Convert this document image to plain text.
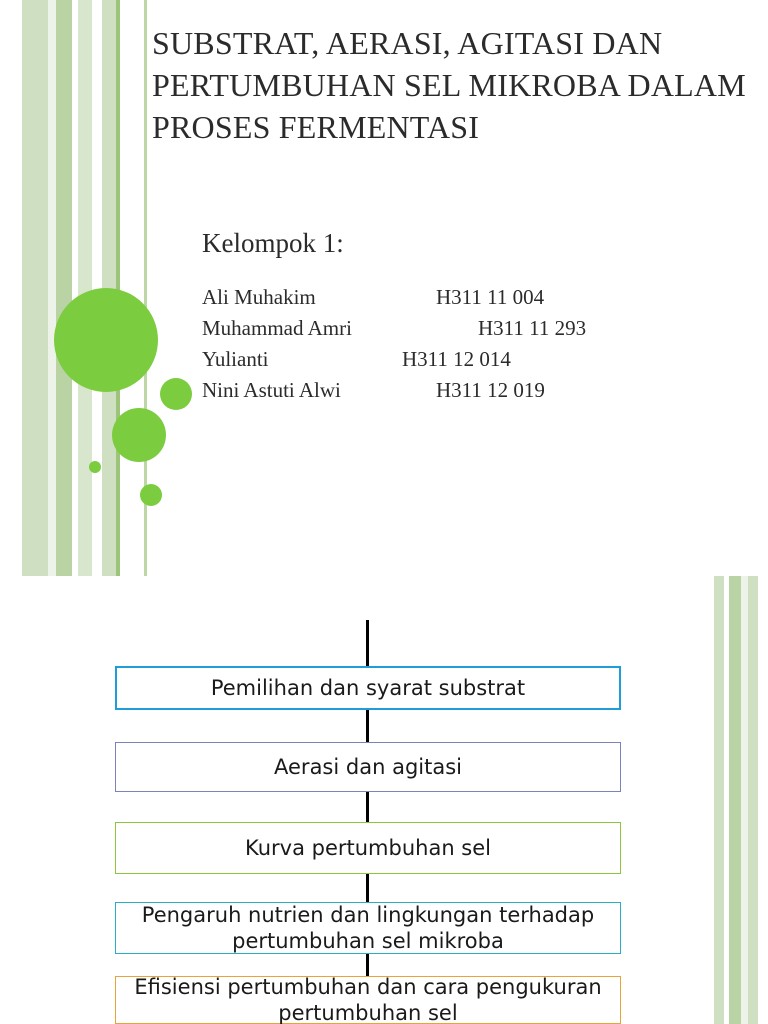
SUBSTRAT, AERASI, AGITASI DAN PERTUMBUHAN SEL MIKROBA DALAM PROSES FERMENTASI
Kelompok 1:
Ali Muhakim	H311 11 004
Muhammad Amri	H311 11 293
Yulianti	H311 12 014
Nini Astuti Alwi	H311 12 019
Pemilihan dan syarat substrat
Aerasi dan agitasi
Kurva pertumbuhan sel
Pengaruh nutrien dan lingkungan terhadap pertumbuhan sel mikroba
Efisiensi pertumbuhan dan cara pengukuran pertumbuhan sel
